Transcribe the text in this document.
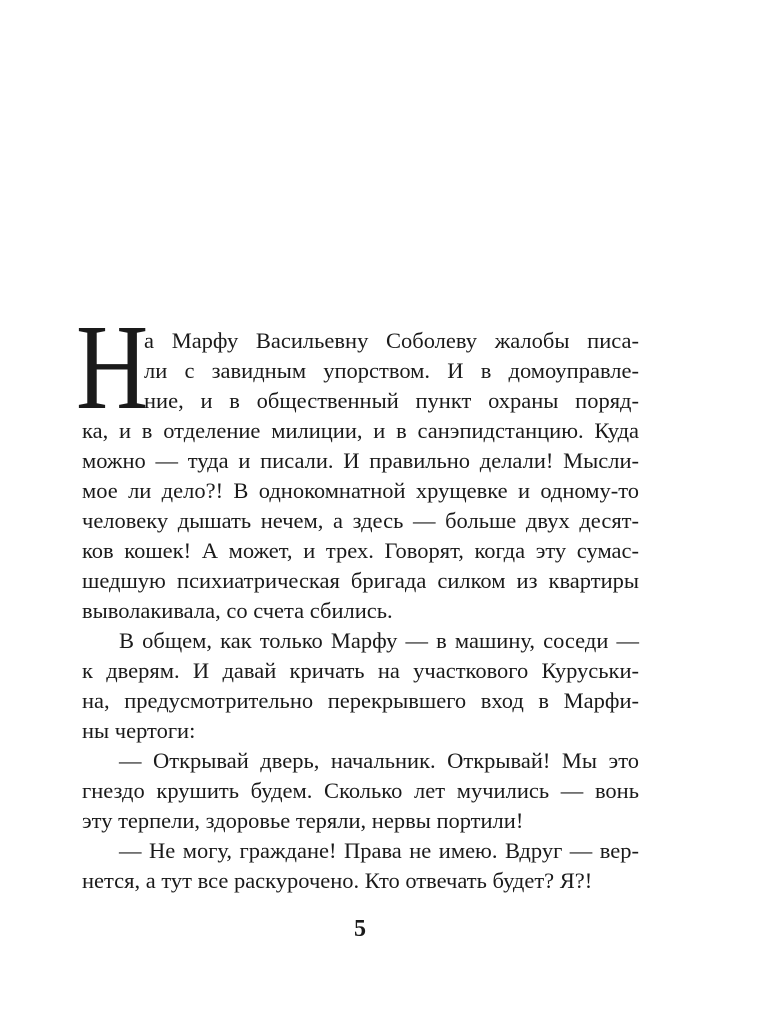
Н
а Марфу Васильевну Соболеву жалобы писа-
ли с завидным упорством. И в домоуправле-
ние, и в общественный пункт охраны поряд-
ка, и в отделение милиции, и в санэпидстанцию. Куда
можно — туда и писали. И правильно делали! Мысли-
мое ли дело?! В однокомнатной хрущевке и одному-то
человеку дышать нечем, а здесь — больше двух десят-
ков кошек! А может, и трех. Говорят, когда эту сумас-
шедшую психиатрическая бригада силком из квартиры
выволакивала, со счета сбились.
В общем, как только Марфу — в машину, соседи —
к дверям. И давай кричать на участкового Куруськи-
на, предусмотрительно перекрывшего вход в Марфи-
ны чертоги:
— Открывай дверь, начальник. Открывай! Мы это
гнездо крушить будем. Сколько лет мучились — вонь
эту терпели, здоровье теряли, нервы портили!
— Не могу, граждане! Права не имею. Вдруг — вер-
нется, а тут все раскурочено. Кто отвечать будет? Я?!
5
